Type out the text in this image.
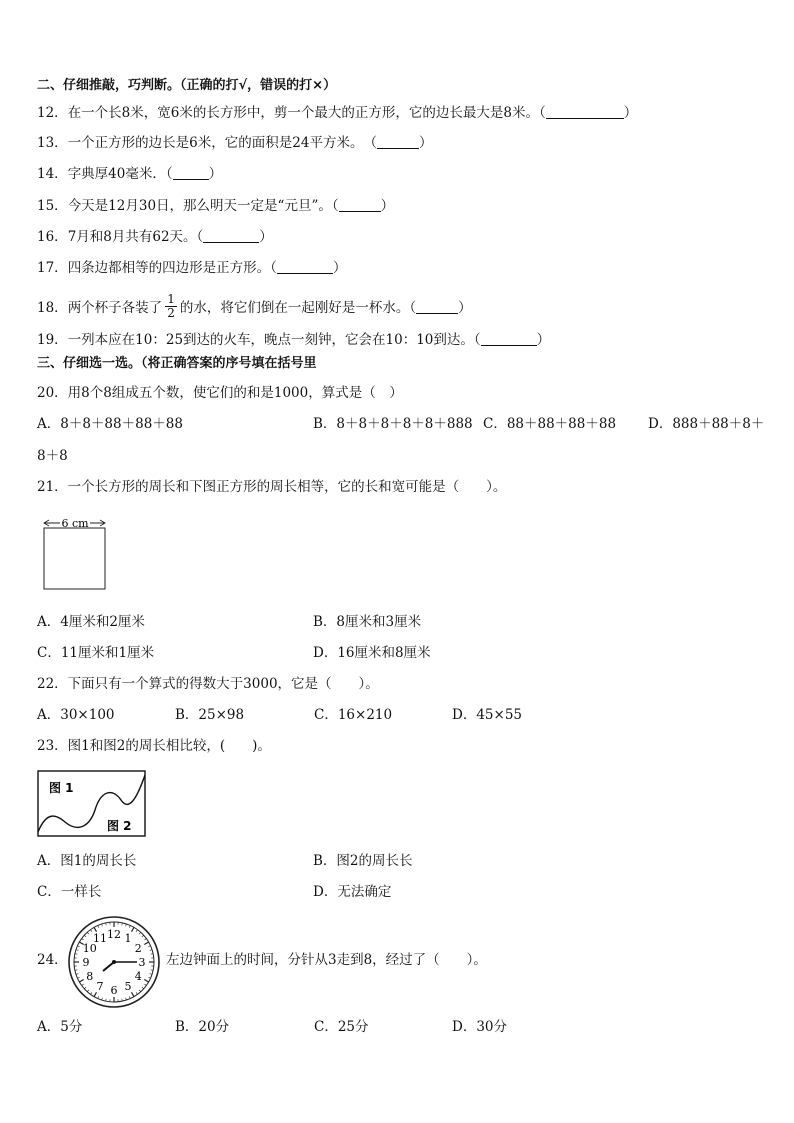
二、仔细推敲，巧判断。（正确的打√，错误的打×）
12．在一个长8米，宽6米的长方形中，剪一个最大的正方形，它的边长最大是8米。（	）
13．一个正方形的边长是6米，它的面积是24平方米。　（	）
14．字典厚40毫米．（	）
15．今天是12月30日，那么明天一定是“元旦”。（	）
16．7月和8月共有62天。（	）
17．四条边都相等的四边形是正方形。（	）
18．两个杯子各装了 $\frac{1}{2}$ 的水，将它们倒在一起刚好是一杯水。（	）
19．一列本应在10：25到达的火车，晚点一刻钟，它会在10：10到达。（	）
三、仔细选一选。（将正确答案的序号填在括号里
20．用8个8组成五个数，使它们的和是1000，算式是（　）
A．8＋8＋88＋88＋88	B．8＋8＋8＋8＋8＋888 C．88＋88＋88＋88 D．888＋88＋8＋
8＋8
21．一个长方形的周长和下图正方形的周长相等，它的长和宽可能是（　　）。
6 cm
A．4厘米和2厘米	B．8厘米和3厘米
C．11厘米和1厘米	D．16厘米和8厘米
22．下面只有一个算式的得数大于3000，它是（　　）。
A．30×100	B．25×98	C．16×210	D．45×55
23．图1和图2的周长相比较，(　　)。
图 1
图 2
A．图1的周长长	B．图2的周长长
C．一样长	D．无法确定
24．
12 1
2
3
4
5
6
7
8
9
10
11
左边钟面上的时间，分针从3走到8，经过了（　　）。
A．5分	B．20分	C．25分	D．30分
